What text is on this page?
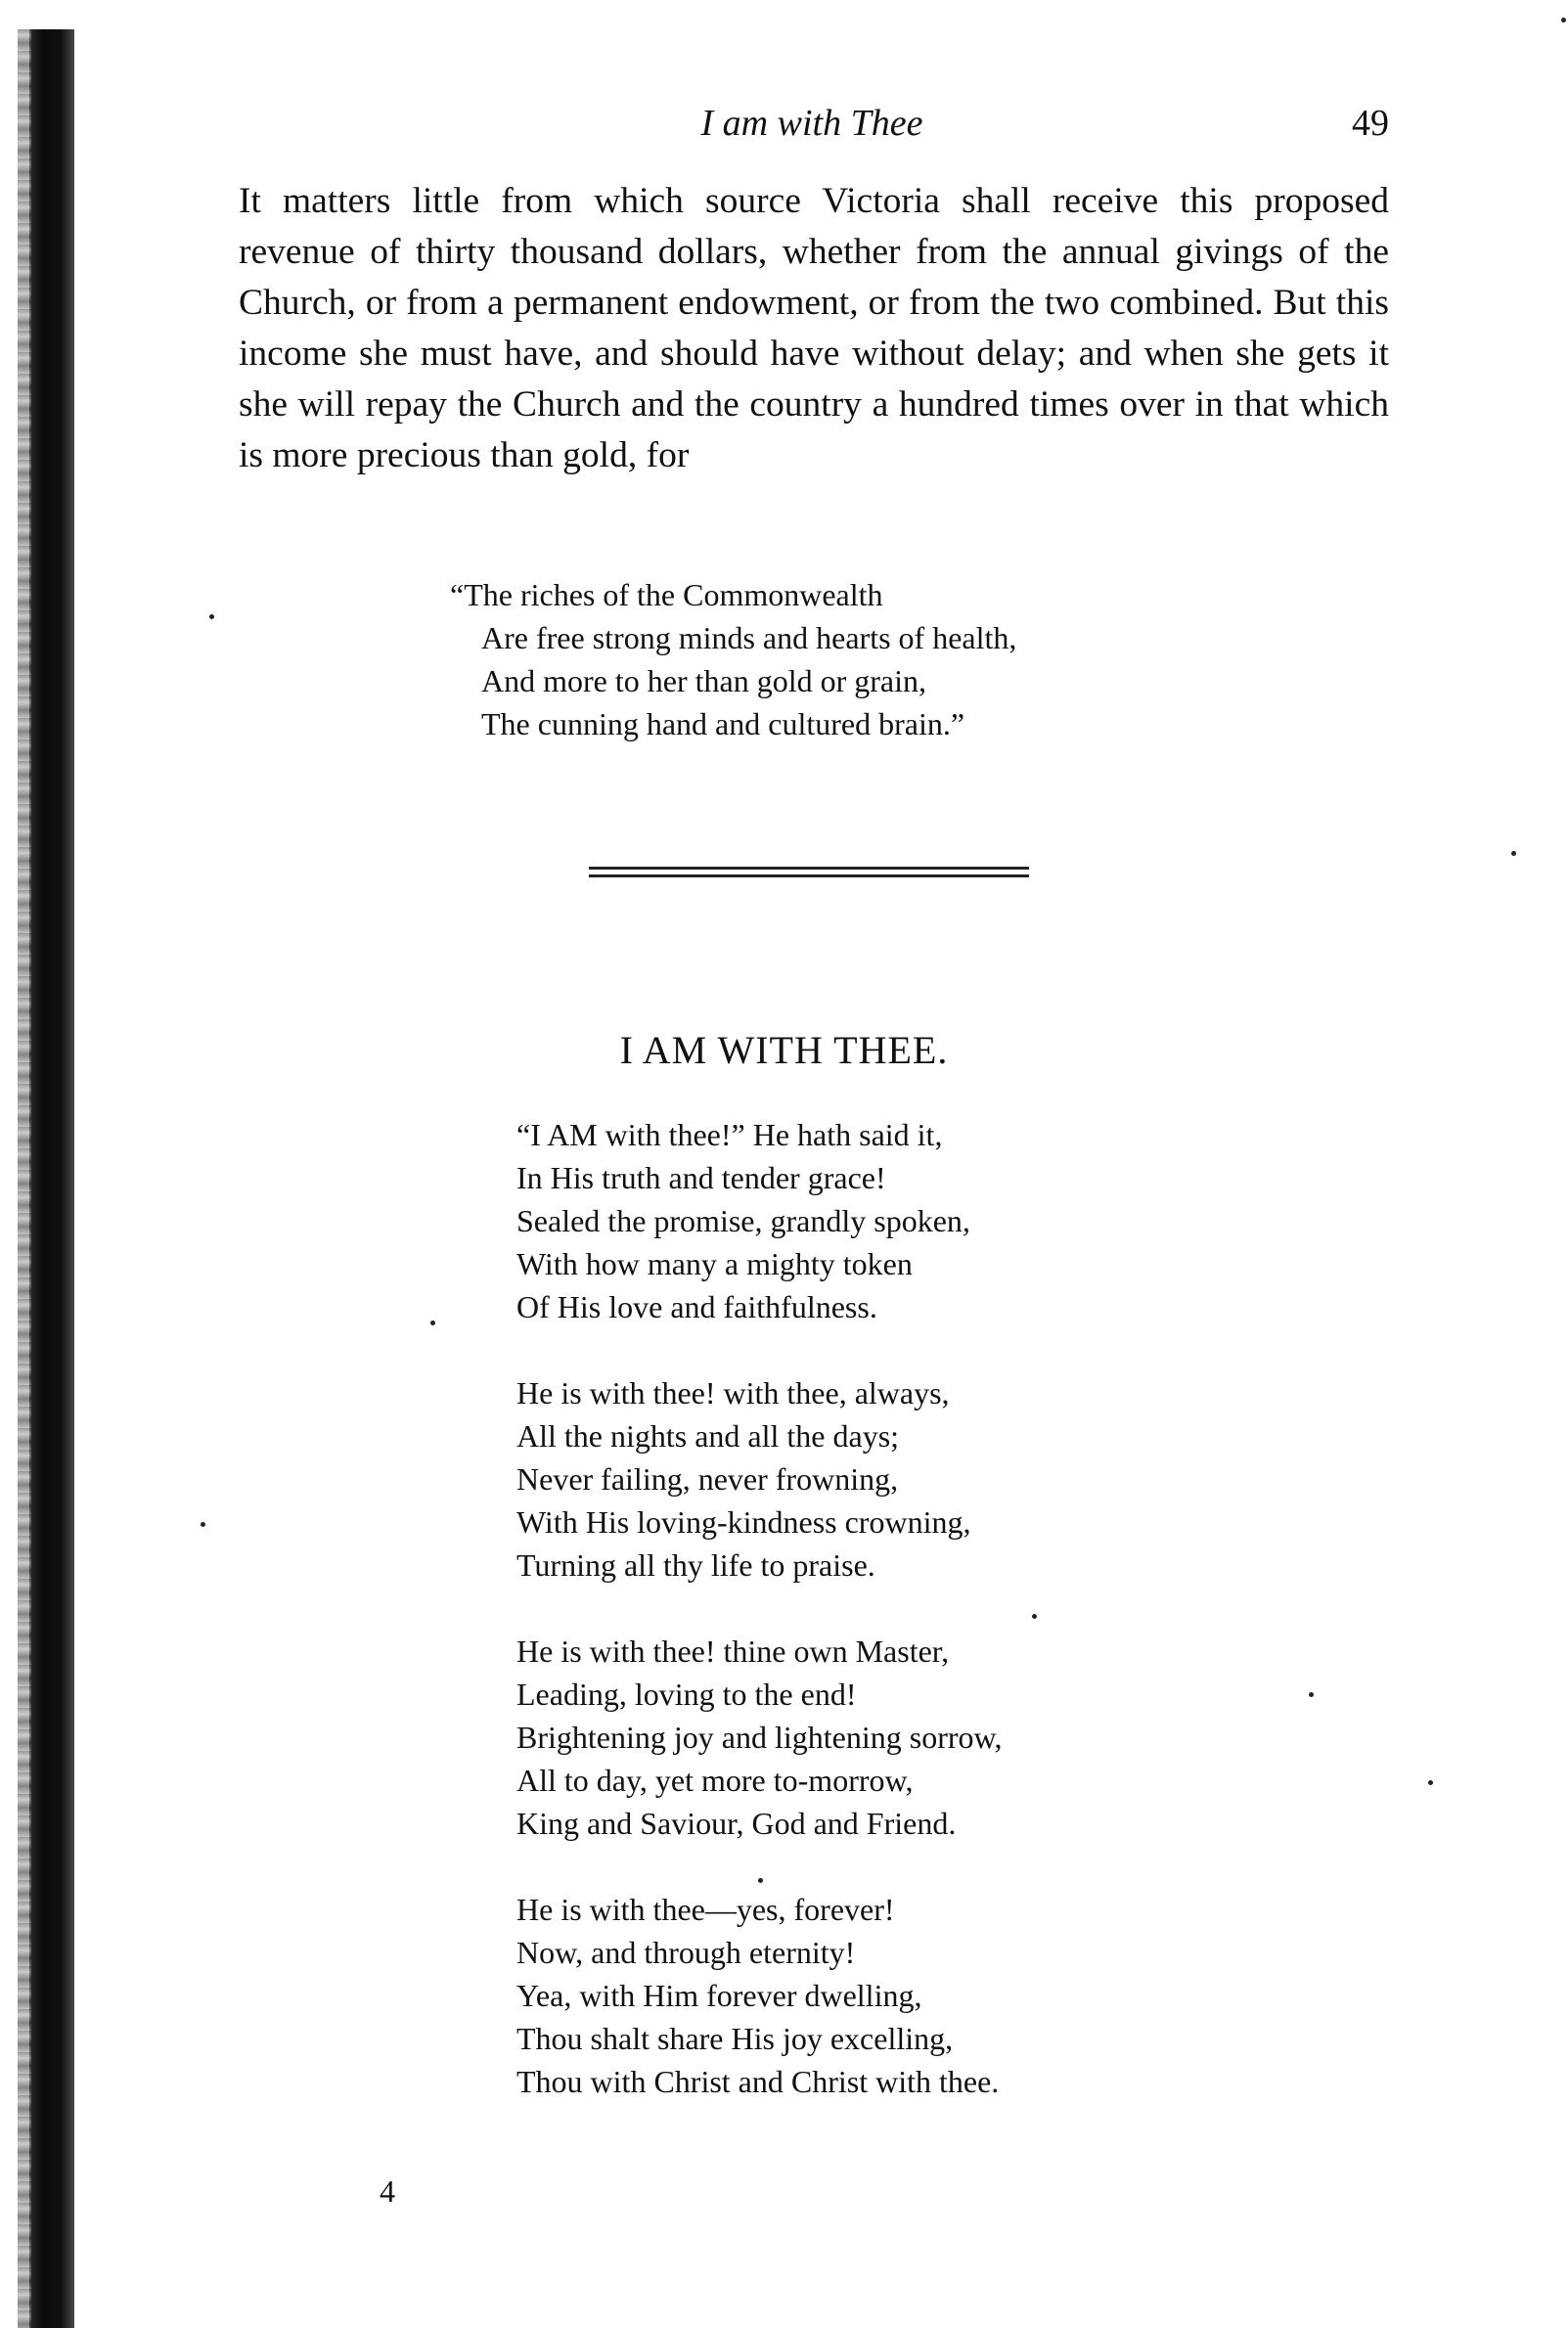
I am with Thee	49

It matters little from which source Victoria shall receive this proposed revenue of thirty thousand dollars, whether from the annual givings of the Church, or from a permanent endowment, or from the two combined. But this income she must have, and should have without delay; and when she gets it she will repay the Church and the country a hundred times over in that which is more precious than gold, for

“The riches of the Commonwealth
Are free strong minds and hearts of health,
And more to her than gold or grain,
The cunning hand and cultured brain.”
I AM WITH THEE.
“I AM with thee!” He hath said it,
In His truth and tender grace!
Sealed the promise, grandly spoken,
With how many a mighty token
Of His love and faithfulness.
He is with thee! with thee, always,
All the nights and all the days;
Never failing, never frowning,
With His loving-kindness crowning,
Turning all thy life to praise.
He is with thee! thine own Master,
Leading, loving to the end!
Brightening joy and lightening sorrow,
All to day, yet more to-morrow,
King and Saviour, God and Friend.
He is with thee—yes, forever!
Now, and through eternity!
Yea, with Him forever dwelling,
Thou shalt share His joy excelling,
Thou with Christ and Christ with thee.
4
